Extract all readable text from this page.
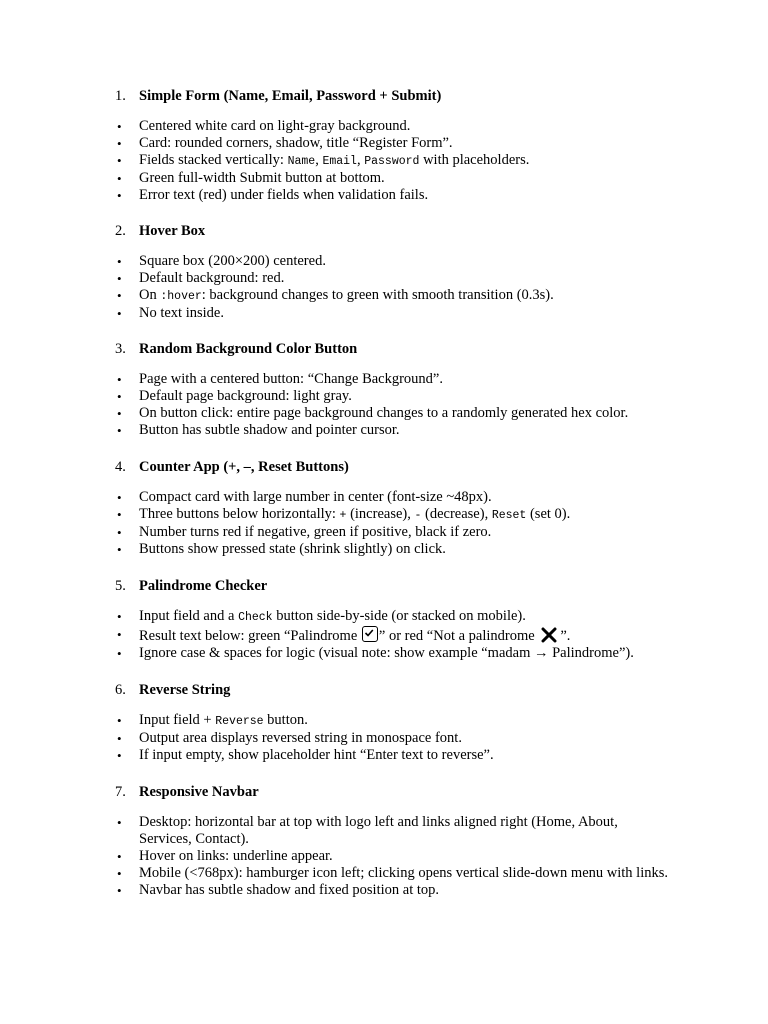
1. Simple Form (Name, Email, Password + Submit)
• Centered white card on light-gray background.
• Card: rounded corners, shadow, title “Register Form”.
• Fields stacked vertically: Name, Email, Password with placeholders.
• Green full-width Submit button at bottom.
• Error text (red) under fields when validation fails.
2. Hover Box
• Square box (200×200) centered.
• Default background: red.
• On :hover: background changes to green with smooth transition (0.3s).
• No text inside.
3. Random Background Color Button
• Page with a centered button: “Change Background”.
• Default page background: light gray.
• On button click: entire page background changes to a randomly generated hex color.
• Button has subtle shadow and pointer cursor.
4. Counter App (+, –, Reset Buttons)
• Compact card with large number in center (font-size ~48px).
• Three buttons below horizontally: + (increase), - (decrease), Reset (set 0).
• Number turns red if negative, green if positive, black if zero.
• Buttons show pressed state (shrink slightly) on click.
5. Palindrome Checker
• Input field and a Check button side-by-side (or stacked on mobile).
• Result text below: green “Palindrome
” or red “Not a palindrome ”.
• Ignore case & spaces for logic (visual note: show example “madam → Palindrome”).
6. Reverse String
• Input field + Reverse button.
• Output area displays reversed string in monospace font.
• If input empty, show placeholder hint “Enter text to reverse”.
7. Responsive Navbar
• Desktop: horizontal bar at top with logo left and links aligned right (Home, About, Services, Contact).
• Hover on links: underline appear.
• Mobile (<768px): hamburger icon left; clicking opens vertical slide-down menu with links.
• Navbar has subtle shadow and fixed position at top.
